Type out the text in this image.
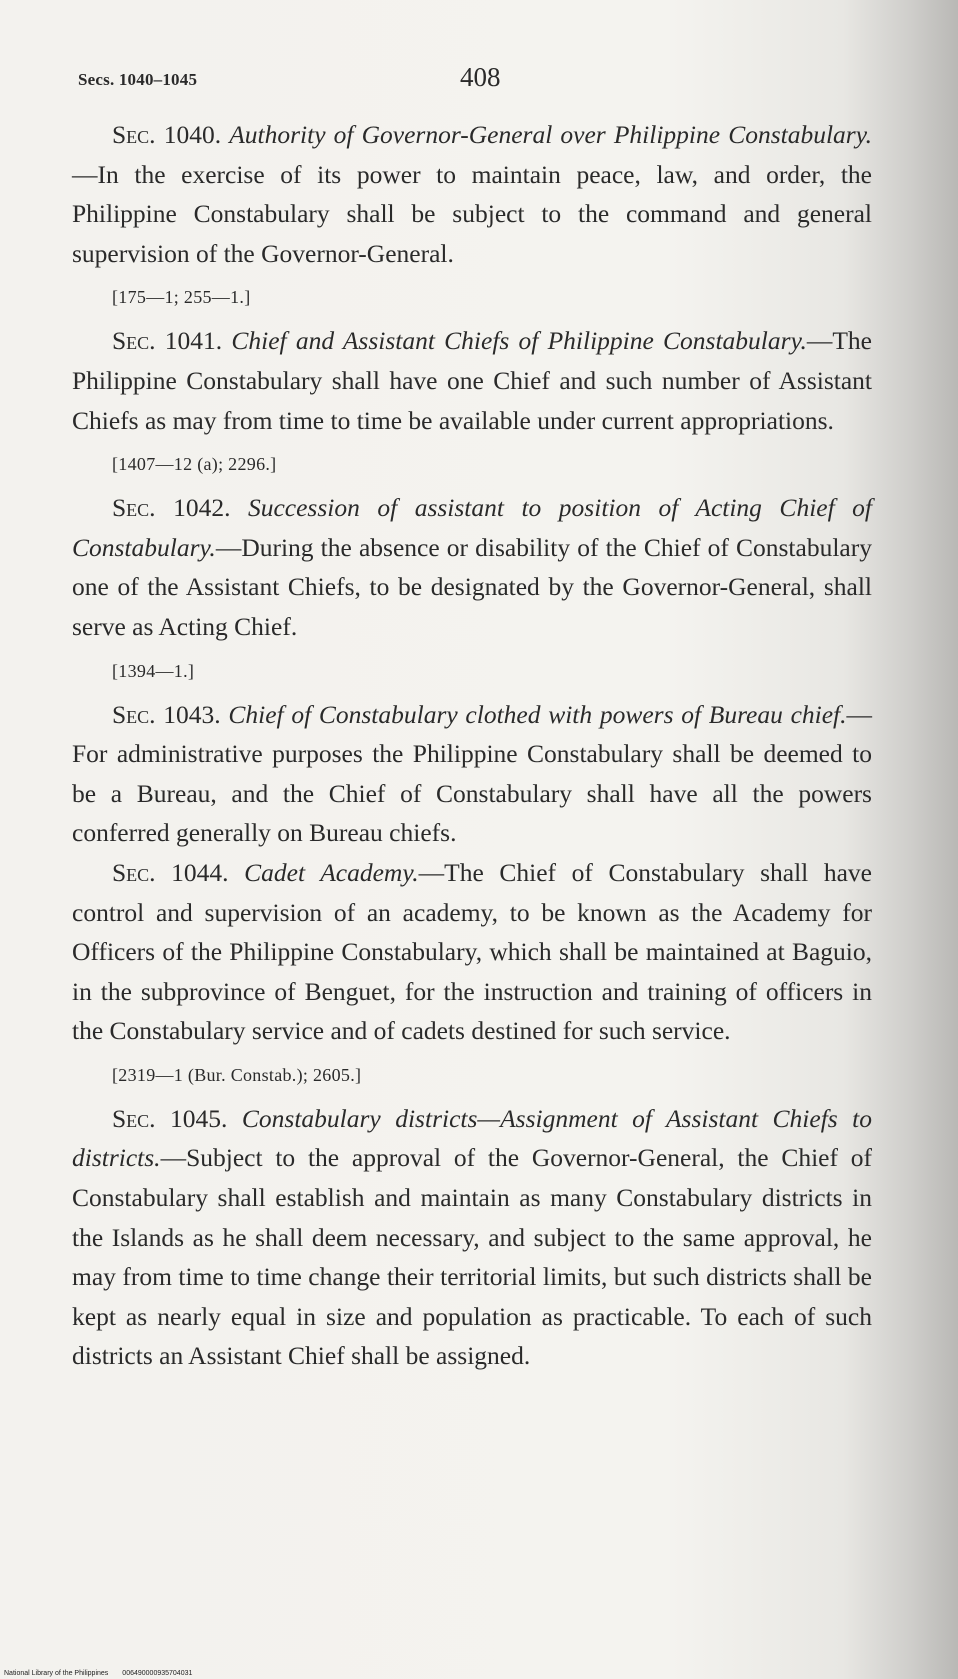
Secs. 1040–1045	408

Sec. 1040. Authority of Governor-General over Philippine Constabulary.—In the exercise of its power to maintain peace, law, and order, the Philippine Constabulary shall be subject to the command and general supervision of the Governor-General.

[175—1; 255—1.]

Sec. 1041. Chief and Assistant Chiefs of Philippine Constabulary.—The Philippine Constabulary shall have one Chief and such number of Assistant Chiefs as may from time to time be available under current appropriations.

[1407—12 (a); 2296.]

Sec. 1042. Succession of assistant to position of Acting Chief of Constabulary.—During the absence or disability of the Chief of Constabulary one of the Assistant Chiefs, to be designated by the Governor-General, shall serve as Acting Chief.

[1394—1.]

Sec. 1043. Chief of Constabulary clothed with powers of Bureau chief.—For administrative purposes the Philippine Constabulary shall be deemed to be a Bureau, and the Chief of Constabulary shall have all the powers conferred generally on Bureau chiefs.

Sec. 1044. Cadet Academy.—The Chief of Constabulary shall have control and supervision of an academy, to be known as the Academy for Officers of the Philippine Constabulary, which shall be maintained at Baguio, in the subprovince of Benguet, for the instruction and training of officers in the Constabulary service and of cadets destined for such service.

[2319—1 (Bur. Constab.); 2605.]

Sec. 1045. Constabulary districts—Assignment of Assistant Chiefs to districts.—Subject to the approval of the Governor-General, the Chief of Constabulary shall establish and maintain as many Constabulary districts in the Islands as he shall deem necessary, and subject to the same approval, he may from time to time change their territorial limits, but such districts shall be kept as nearly equal in size and population as practicable. To each of such districts an Assistant Chief shall be assigned.

National Library of the Philippines 006490000935704031
